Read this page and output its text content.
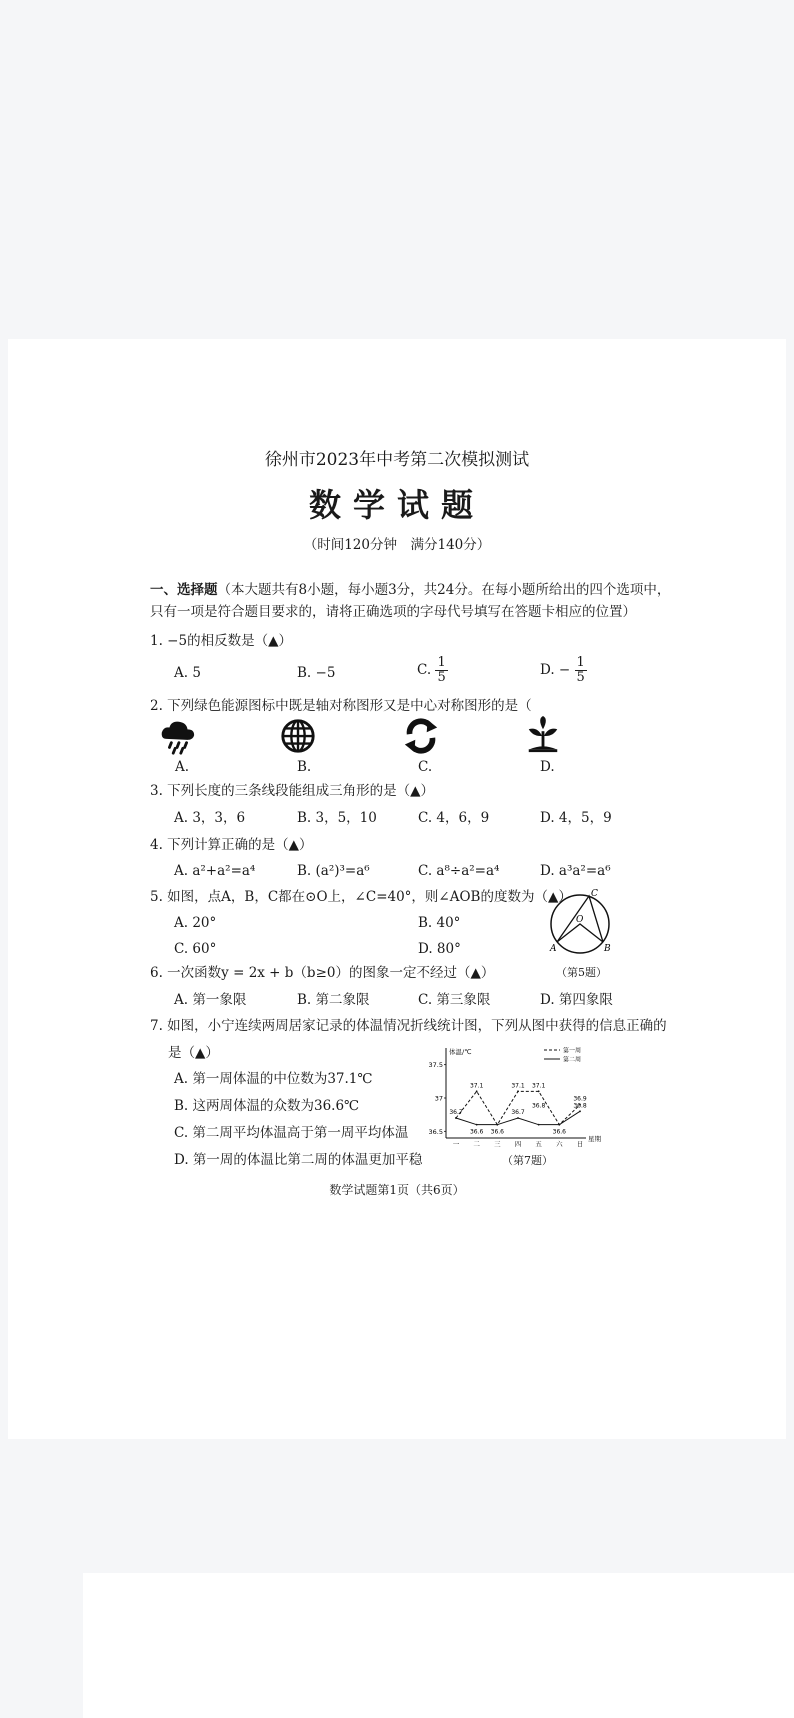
徐州市2023年中考第二次模拟测试
数学试题
（时间120分钟　满分140分）
一、选择题（本大题共有8小题，每小题3分，共24分。在每小题所给出的四个选项中，
只有一项是符合题目要求的，请将正确选项的字母代号填写在答题卡相应的位置）
1. −5的相反数是（▲）
A. 5	B. −5	C. $\frac{1}{5}$	D. − $\frac{1}{5}$
2. 下列绿色能源图标中既是轴对称图形又是中心对称图形的是（
A.	B.	C.	D.
3. 下列长度的三条线段能组成三角形的是（▲）
A. 3，3，6	B. 3，5，10	C. 4，6，9	D. 4，5，9
4. 下列计算正确的是（▲）
A. a²+a²=a⁴	B. (a²)³=a⁶	C. a⁸÷a²=a⁴	D. a³a²=a⁶
5. 如图，点A，B，C都在⊙O上，∠C=40°，则∠AOB的度数为（▲）
A. 20°	B. 40°
C. 60°	D. 80°
C
O
A	B
（第5题）
6. 一次函数y = 2x + b（b≥0）的图象一定不经过（▲）
A. 第一象限	B. 第二象限	C. 第三象限	D. 第四象限
7. 如图，小宁连续两周居家记录的体温情况折线统计图，下列从图中获得的信息正确的
是（▲）
A. 第一周体温的中位数为37.1℃
B. 这两周体温的众数为36.6℃
C. 第二周平均体温高于第一周平均体温
D. 第一周的体温比第二周的体温更加平稳
体温/℃
星期
36.5
37
37.5
一 二 三 四 五 六 日
第一周
第二周
36.7
37.1
36.6 36.6
37.1
36.7
37.1
36.8
36.6
36.9
36.8
（第7题）
数学试题第1页（共6页）
